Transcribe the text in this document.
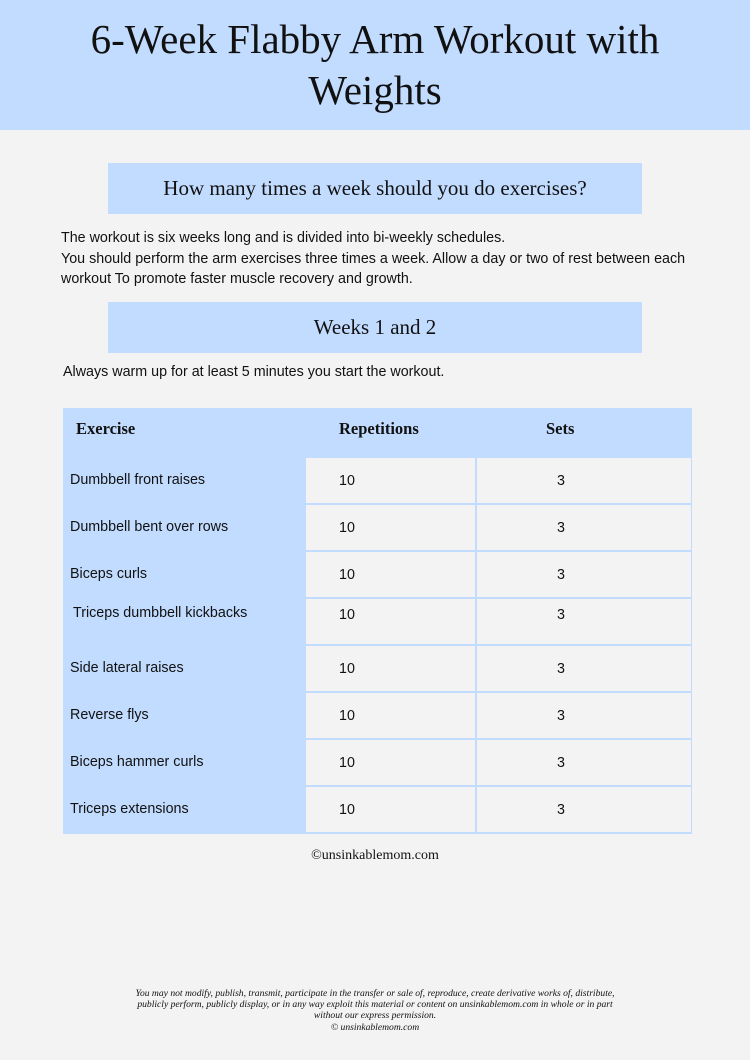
6-Week Flabby Arm Workout with Weights
How many times a week should you do exercises?

The workout is six weeks long and is divided into bi-weekly schedules.

You should perform the arm exercises three times a week. Allow a day or two of rest between each workout To promote faster muscle recovery and growth.

Weeks 1 and 2
Always warm up for at least 5 minutes you start the workout.
Exercise	Repetitions	Sets
Dumbbell front raises	10	3
Dumbbell bent over rows	10	3
Biceps curls	10	3
Triceps dumbbell kickbacks	10	3
Side lateral raises	10	3
Reverse flys	10	3
Biceps hammer curls	10	3
Triceps extensions	10	3
©unsinkablemom.com
You may not modify, publish, transmit, participate in the transfer or sale of, reproduce, create derivative works of, distribute,
publicly perform, publicly display, or in any way exploit this material or content on unsinkablemom.com in whole or in part
without our express permission.
© unsinkablemom.com
